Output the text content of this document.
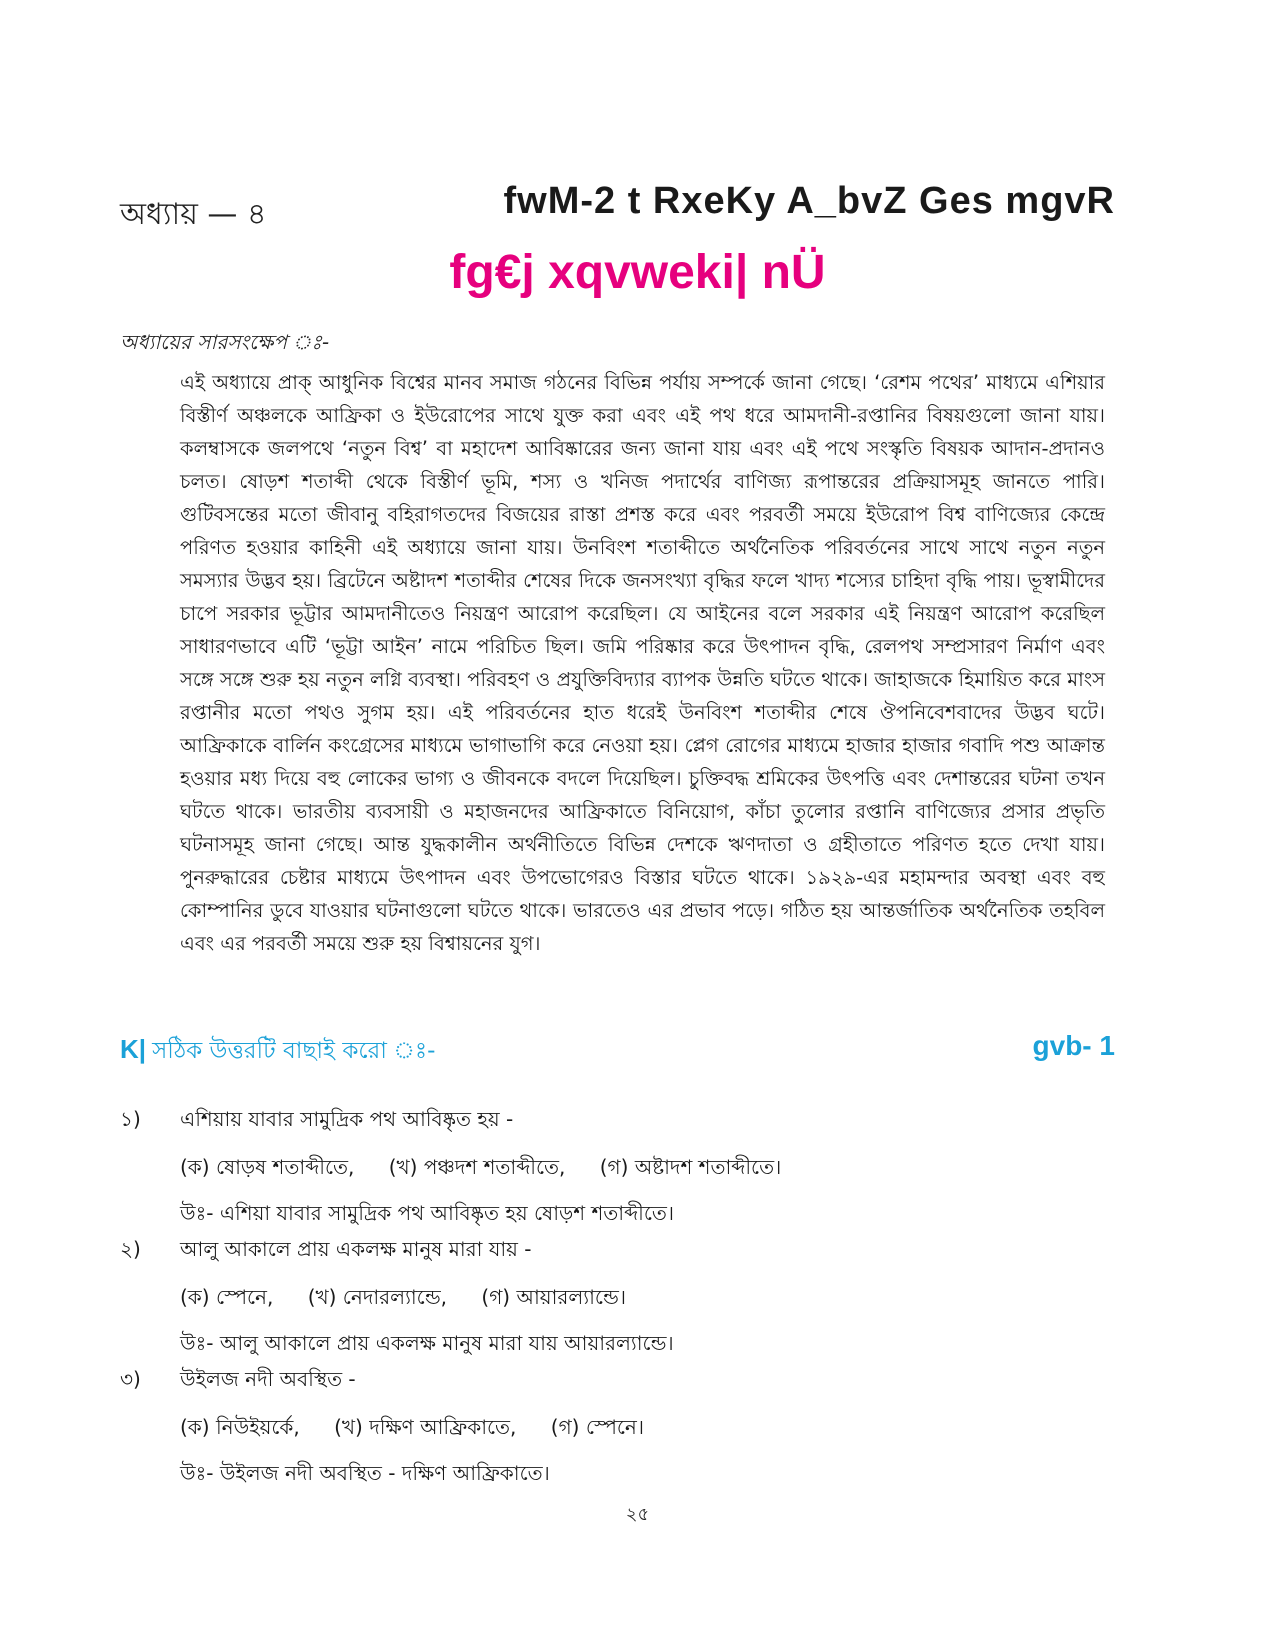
অধ্যায় — ৪	fwM-2 t RxeKy A_bvZ Ges mgvR
fg€j xqvweki|‌ nÜ
অধ্যায়ের সারসংক্ষেপ ঃ-

এই অধ্যায়ে প্রাক্ আধুনিক বিশ্বের মানব সমাজ গঠনের বিভিন্ন পর্যায় সম্পর্কে জানা গেছে। ‘রেশম পথের’ মাধ্যমে এশিয়ার বিস্তীর্ণ অঞ্চলকে আফ্রিকা ও ইউরোপের সাথে যুক্ত করা এবং এই পথ ধরে আমদানী-রপ্তানির বিষয়গুলো জানা যায়। কলম্বাসকে জলপথে ‘নতুন বিশ্ব’ বা মহাদেশ আবিষ্কারের জন্য জানা যায় এবং এই পথে সংস্কৃতি বিষয়ক আদান-প্রদানও চলত। ষোড়শ শতাব্দী থেকে বিস্তীর্ণ ভূমি, শস্য ও খনিজ পদার্থের বাণিজ্য রূপান্তরের প্রক্রিয়াসমূহ জানতে পারি। গুটিবসন্তের মতো জীবানু বহিরাগতদের বিজয়ের রাস্তা প্রশস্ত করে এবং পরবর্তী সময়ে ইউরোপ বিশ্ব বাণিজ্যের কেন্দ্রে পরিণত হওয়ার কাহিনী এই অধ্যায়ে জানা যায়। উনবিংশ শতাব্দীতে অর্থনৈতিক পরিবর্তনের সাথে সাথে নতুন নতুন সমস্যার উদ্ভব হয়। ব্রিটেনে অষ্টাদশ শতাব্দীর শেষের দিকে জনসংখ্যা বৃদ্ধির ফলে খাদ্য শস্যের চাহিদা বৃদ্ধি পায়। ভূস্বামীদের চাপে সরকার ভূট্টার আমদানীতেও নিয়ন্ত্রণ আরোপ করেছিল। যে আইনের বলে সরকার এই নিয়ন্ত্রণ আরোপ করেছিল সাধারণভাবে এটি ‘ভূট্টা আইন’ নামে পরিচিত ছিল। জমি পরিষ্কার করে উৎপাদন বৃদ্ধি, রেলপথ সম্প্রসারণ নির্মাণ এবং সঙ্গে সঙ্গে শুরু হয় নতুন লগ্নি ব্যবস্থা। পরিবহণ ও প্রযুক্তিবিদ্যার ব্যাপক উন্নতি ঘটতে থাকে। জাহাজকে হিমায়িত করে মাংস রপ্তানীর মতো পথও সুগম হয়। এই পরিবর্তনের হাত ধরেই উনবিংশ শতাব্দীর শেষে ঔপনিবেশবাদের উদ্ভব ঘটে। আফ্রিকাকে বার্লিন কংগ্রেসের মাধ্যমে ভাগাভাগি করে নেওয়া হয়। প্লেগ রোগের মাধ্যমে হাজার হাজার গবাদি পশু আক্রান্ত হওয়ার মধ্য দিয়ে বহু লোকের ভাগ্য ও জীবনকে বদলে দিয়েছিল। চুক্তিবদ্ধ শ্রমিকের উৎপত্তি এবং দেশান্তরের ঘটনা তখন ঘটতে থাকে। ভারতীয় ব্যবসায়ী ও মহাজনদের আফ্রিকাতে বিনিয়োগ, কাঁচা তুলোর রপ্তানি বাণিজ্যের প্রসার প্রভৃতি ঘটনাসমূহ জানা গেছে। আন্ত যুদ্ধকালীন অর্থনীতিতে বিভিন্ন দেশকে ঋণদাতা ও গ্রহীতাতে পরিণত হতে দেখা যায়। পুনরুদ্ধারের চেষ্টার মাধ্যমে উৎপাদন এবং উপভোগেরও বিস্তার ঘটতে থাকে। ১৯২৯-এর মহামন্দার অবস্থা এবং বহু কোম্পানির ডুবে যাওয়ার ঘটনাগুলো ঘটতে থাকে। ভারতেও এর প্রভাব পড়ে। গঠিত হয় আন্তর্জাতিক অর্থনৈতিক তহবিল এবং এর পরবর্তী সময়ে শুরু হয় বিশ্বায়নের যুগ।

K| সঠিক উত্তরটি বাছাই করো ঃ-	gvb- 1
১)	এশিয়ায় যাবার সামুদ্রিক পথ আবিষ্কৃত হয় -
(ক) ষোড়ষ শতাব্দীতে, (খ) পঞ্চদশ শতাব্দীতে, (গ) অষ্টাদশ শতাব্দীতে।
উঃ- এশিয়া যাবার সামুদ্রিক পথ আবিষ্কৃত হয় ষোড়শ শতাব্দীতে।
২)	আলু আকালে প্রায় একলক্ষ মানুষ মারা যায় -
(ক) স্পেনে, (খ) নেদারল্যান্ডে, (গ) আয়ারল্যান্ডে।
উঃ- আলু আকালে প্রায় একলক্ষ মানুষ মারা যায় আয়ারল্যান্ডে।
৩)	উইলজ নদী অবস্থিত -
(ক) নিউইয়র্কে, (খ) দক্ষিণ আফ্রিকাতে, (গ) স্পেনে।
উঃ- উইলজ নদী অবস্থিত - দক্ষিণ আফ্রিকাতে।
২৫
